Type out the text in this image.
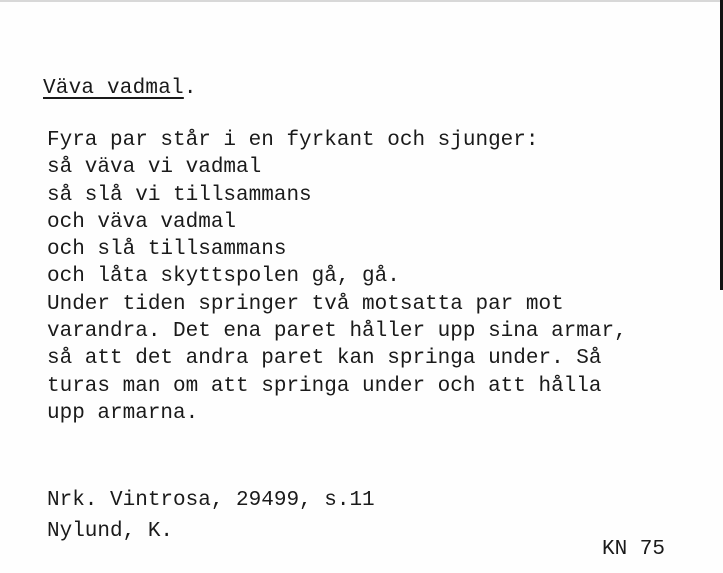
Väva vadmal.
Fyra par står i en fyrkant och sjunger:
så väva vi vadmal
så slå vi tillsammans
och väva vadmal
och slå tillsammans
och låta skyttspolen gå, gå.
Under tiden springer två motsatta par mot
varandra. Det ena paret håller upp sina armar,
så att det andra paret kan springa under. Så
turas man om att springa under och att hålla
upp armarna.
Nrk. Vintrosa, 29499, s.11
Nylund, K.
KN 75
